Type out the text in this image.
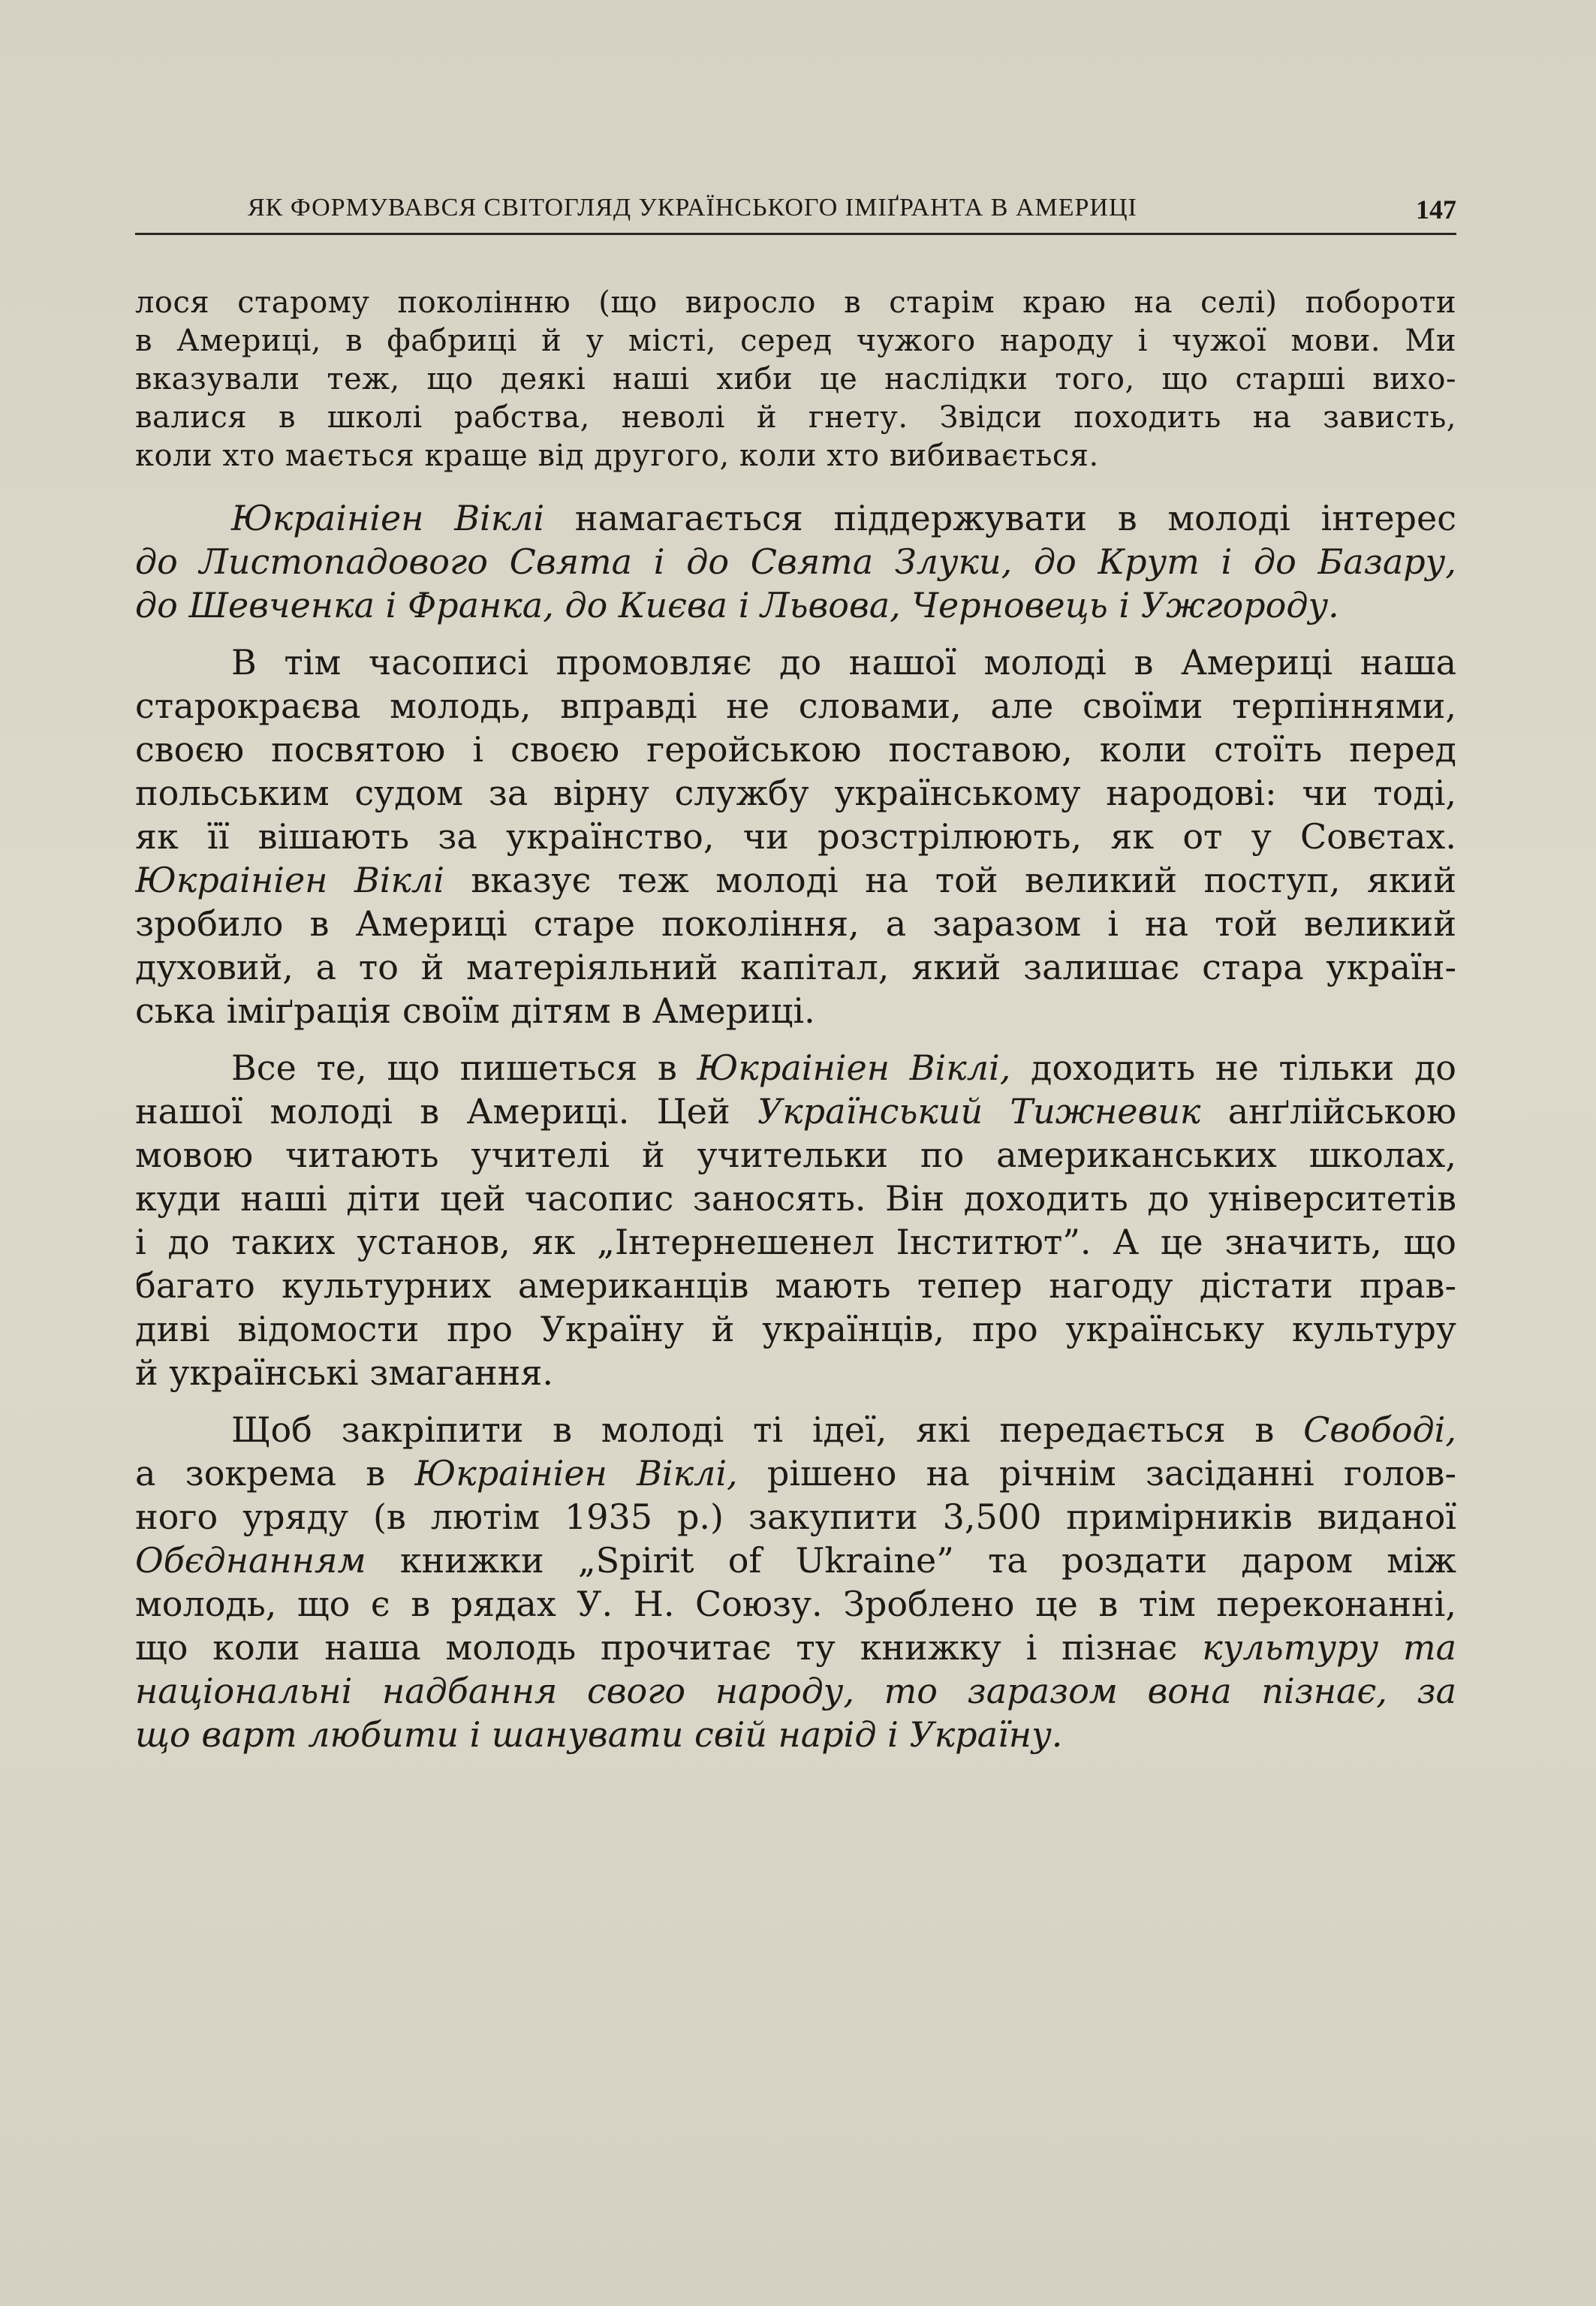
ЯК ФОРМУВАВСЯ СВІТОГЛЯД УКРАЇНСЬКОГО ІМІҐРАНТА В АМЕРИЦІ	147

лося старому поколінню (що виросло в старім краю на селі) побороти
в Америці, в фабриці й у місті, серед чужого народу і чужої мови. Ми
вказували теж, що деякі наші хиби це наслідки того, що старші вихо-
валися в школі рабства, неволі й гнету. Звідси походить на зависть,
коли хто мається краще від другого, коли хто вибивається.

Юкраініен Віклі намагається піддержувати в молоді інтерес
до Листопадового Свята і до Свята Злуки, до Крут і до Базару,
до Шевченка і Франка, до Києва і Львова, Черновець і Ужгороду.

В тім часописі промовляє до нашої молоді в Америці наша
старокраєва молодь, вправді не словами, але своїми терпіннями,
своєю посвятою і своєю геройською поставою, коли стоїть перед
польським судом за вірну службу українському народові: чи тоді,
як її вішають за українство, чи розстрілюють, як от у Совєтах.
Юкраініен Віклі вказує теж молоді на той великий поступ, який
зробило в Америці старе покоління, а заразом і на той великий
духовий, а то й матеріяльний капітал, який залишає стара україн-
ська іміґрація своїм дітям в Америці.

Все те, що пишеться в Юкраініен Віклі, доходить не тільки до
нашої молоді в Америці. Цей Український Тижневик анґлійською
мовою читають учителі й учительки по американських школах,
куди наші діти цей часопис заносять. Він доходить до університетів
і до таких установ, як „Інтернешенел Інститют”. А це значить, що
багато культурних американців мають тепер нагоду дістати прав-
диві відомости про Україну й українців, про українську культуру
й українські змагання.

Щоб закріпити в молоді ті ідеї, які передається в Свободі,
а зокрема в Юкраініен Віклі, рішено на річнім засіданні голов-
ного уряду (в лютім 1935 р.) закупити 3,500 примірників виданої
Обєднанням книжки „Spirit of Ukraine” та роздати даром між
молодь, що є в рядах У. Н. Союзу. Зроблено це в тім переконанні,
що коли наша молодь прочитає ту книжку і пізнає культуру та
національні надбання свого народу, то заразом вона пізнає, за
що варт любити і шанувати свій нарід і Україну.
